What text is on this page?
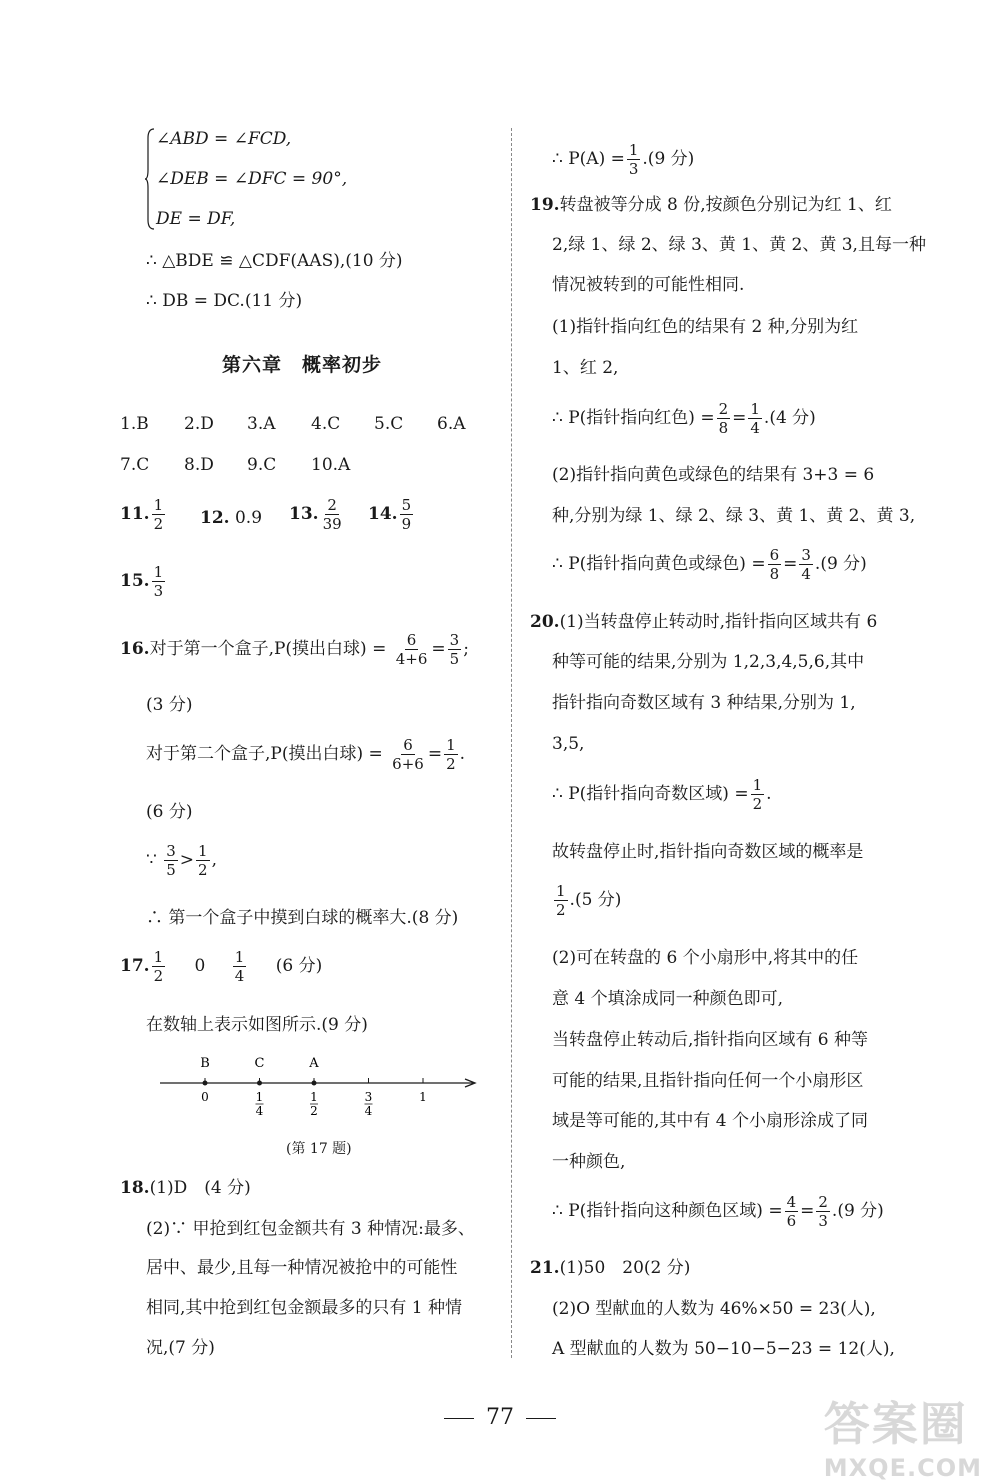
∠ABD = ∠FCD,
∠DEB = ∠DFC = 90°,
DE = DF,
∴ △BDE ≌ △CDF(AAS),(10 分)
∴ DB = DC.(11 分)
第六章　概率初步
1.B 2.D 3.A 4.C 5.C 6.A
7.C 8.D 9.C 10.A
11. $\frac{1}{2} 12$. 0.9 13. $\frac{2}{39} 14$. $\frac{5}{9}$
15. $\frac{1}{3}$
16.对于第一个盒子,P(摸出白球) = $\frac{6}{4+6} = \frac{3}{5}$ ;
(3 分)
对于第二个盒子,P(摸出白球) = $\frac{6}{6+6} = \frac{1}{2}$ .
(6 分)
∵ $\frac{3}{5} > \frac{1}{2}$ ,
∴ 第一个盒子中摸到白球的概率大.(8 分)
17. $\frac{1}{2} 0 \frac{1}{4} (6$ 分)
在数轴上表示如图所示.(9 分)
0	1
4
1
2
3
4
1
B	C	A
(第 17 题)
18.(1)D　(4 分)
(2)∵ 甲抢到红包金额共有 3 种情况:最多、
居中、最少,且每一种情况被抢中的可能性
相同,其中抢到红包金额最多的只有 1 种情
况,(7 分)
∴ $P(A) = \frac{1}{3} .(9$ 分)
19.转盘被等分成 8 份,按颜色分别记为红 1、红
2,绿 1、绿 2、绿 3、黄 1、黄 2、黄 3,且每一种
情况被转到的可能性相同.
(1)指针指向红色的结果有 2 种,分别为红
1、红 2,
∴ P(指针指向红色) = $\frac{2}{8} = \frac{1}{4} .(4$ 分)
(2)指针指向黄色或绿色的结果有 3+3 = 6
种,分别为绿 1、绿 2、绿 3、黄 1、黄 2、黄 3,
∴ P(指针指向黄色或绿色) = $\frac{6}{8} = \frac{3}{4} .(9$ 分)
20.(1)当转盘停止转动时,指针指向区域共有 6
种等可能的结果,分别为 1,2,3,4,5,6,其中
指针指向奇数区域有 3 种结果,分别为 1,
3,5,
∴ P(指针指向奇数区域) = $\frac{1}{2}$ .
故转盘停止时,指针指向奇数区域的概率是
$\frac{1}{2} .(5$ 分)
(2)可在转盘的 6 个小扇形中,将其中的任
意 4 个填涂成同一种颜色即可,
当转盘停止转动后,指针指向区域有 6 种等
可能的结果,且指针指向任何一个小扇形区
域是等可能的,其中有 4 个小扇形涂成了同
一种颜色,
∴ P(指针指向这种颜色区域) = $\frac{4}{6} = \frac{2}{3} .(9$ 分)
21.(1)50　20(2 分)
(2)O 型献血的人数为 46%×50 = 23(人),
A 型献血的人数为 50−10−5−23 = 12(人),
77	答案圈
MXQE.COM
